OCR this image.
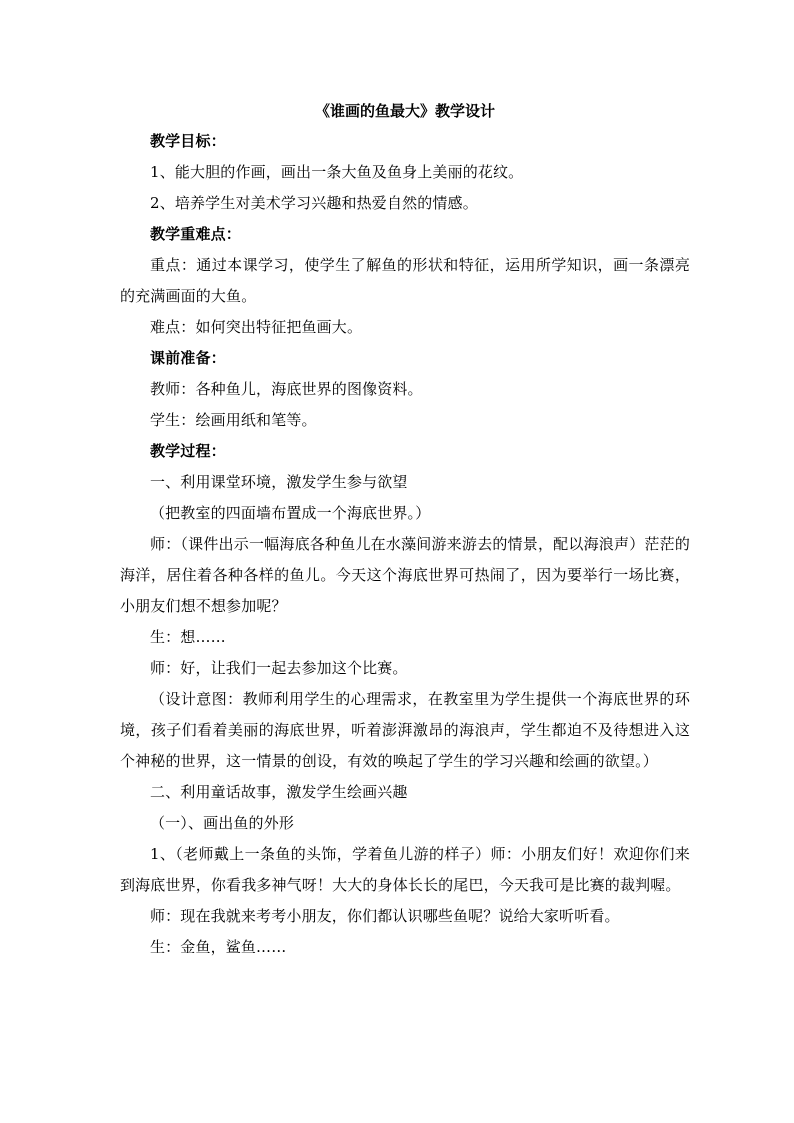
《谁画的鱼最大》教学设计

教学目标：

1、能大胆的作画，画出一条大鱼及鱼身上美丽的花纹。

2、培养学生对美术学习兴趣和热爱自然的情感。

教学重难点：

重点：通过本课学习，使学生了解鱼的形状和特征，运用所学知识，画一条漂亮的充满画面的大鱼。

难点：如何突出特征把鱼画大。

课前准备：

教师：各种鱼儿，海底世界的图像资料。

学生：绘画用纸和笔等。

教学过程：

一、利用课堂环境，激发学生参与欲望

（把教室的四面墙布置成一个海底世界。）

师：（课件出示一幅海底各种鱼儿在水藻间游来游去的情景，配以海浪声）茫茫的海洋，居住着各种各样的鱼儿。今天这个海底世界可热闹了，因为要举行一场比赛，小朋友们想不想参加呢？

生：想……

师：好，让我们一起去参加这个比赛。

（设计意图：教师利用学生的心理需求，在教室里为学生提供一个海底世界的环境，孩子们看着美丽的海底世界，听着澎湃激昂的海浪声，学生都迫不及待想进入这个神秘的世界，这一情景的创设，有效的唤起了学生的学习兴趣和绘画的欲望。）

二、利用童话故事，激发学生绘画兴趣

（一）、画出鱼的外形

1、（老师戴上一条鱼的头饰，学着鱼儿游的样子）师：小朋友们好！欢迎你们来到海底世界，你看我多神气呀！大大的身体长长的尾巴，今天我可是比赛的裁判喔。

师：现在我就来考考小朋友，你们都认识哪些鱼呢？说给大家听听看。

生：金鱼，鲨鱼……
